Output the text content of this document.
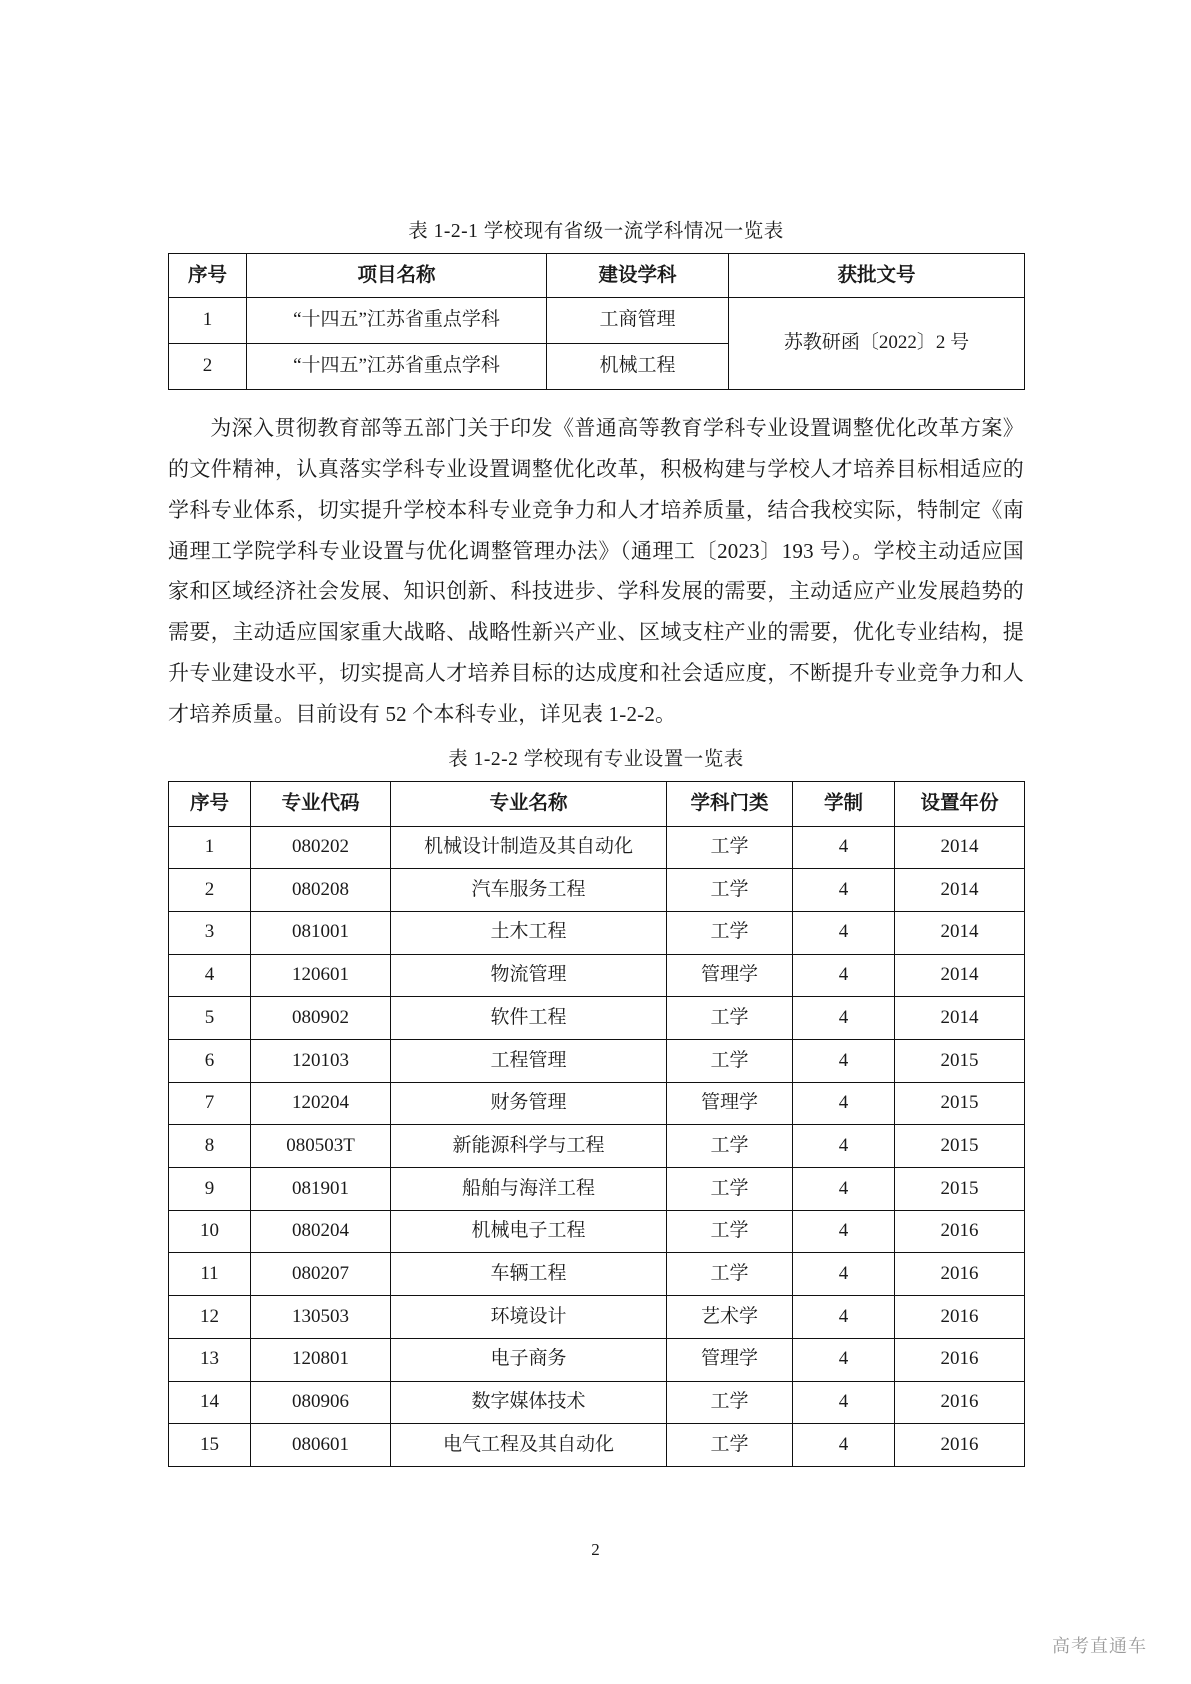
表 1-2-1 学校现有省级一流学科情况一览表
序号	项目名称	建设学科	获批文号
1	“十四五”江苏省重点学科	工商管理	苏教研函〔2022〕2 号
2	“十四五”江苏省重点学科	机械工程	

为深入贯彻教育部等五部门关于印发《普通高等教育学科专业设置调整优化改革方案》的文件精神，认真落实学科专业设置调整优化改革，积极构建与学校人才培养目标相适应的学科专业体系，切实提升学校本科专业竞争力和人才培养质量，结合我校实际，特制定《南通理工学院学科专业设置与优化调整管理办法》（通理工〔2023〕193 号）。学校主动适应国家和区域经济社会发展、知识创新、科技进步、学科发展的需要，主动适应产业发展趋势的需要，主动适应国家重大战略、战略性新兴产业、区域支柱产业的需要，优化专业结构，提升专业建设水平，切实提高人才培养目标的达成度和社会适应度，不断提升专业竞争力和人才培养质量。目前设有 52 个本科专业，详见表 1-2-2。

表 1-2-2 学校现有专业设置一览表
序号	专业代码	专业名称	学科门类	学制	设置年份
1	080202	机械设计制造及其自动化	工学	4	2014
2	080208	汽车服务工程	工学	4	2014
3	081001	土木工程	工学	4	2014
4	120601	物流管理	管理学	4	2014
5	080902	软件工程	工学	4	2014
6	120103	工程管理	工学	4	2015
7	120204	财务管理	管理学	4	2015
8	080503T	新能源科学与工程	工学	4	2015
9	081901	船舶与海洋工程	工学	4	2015
10	080204	机械电子工程	工学	4	2016
11	080207	车辆工程	工学	4	2016
12	130503	环境设计	艺术学	4	2016
13	120801	电子商务	管理学	4	2016
14	080906	数字媒体技术	工学	4	2016
15	080601	电气工程及其自动化	工学	4	2016
2
高考直通车
